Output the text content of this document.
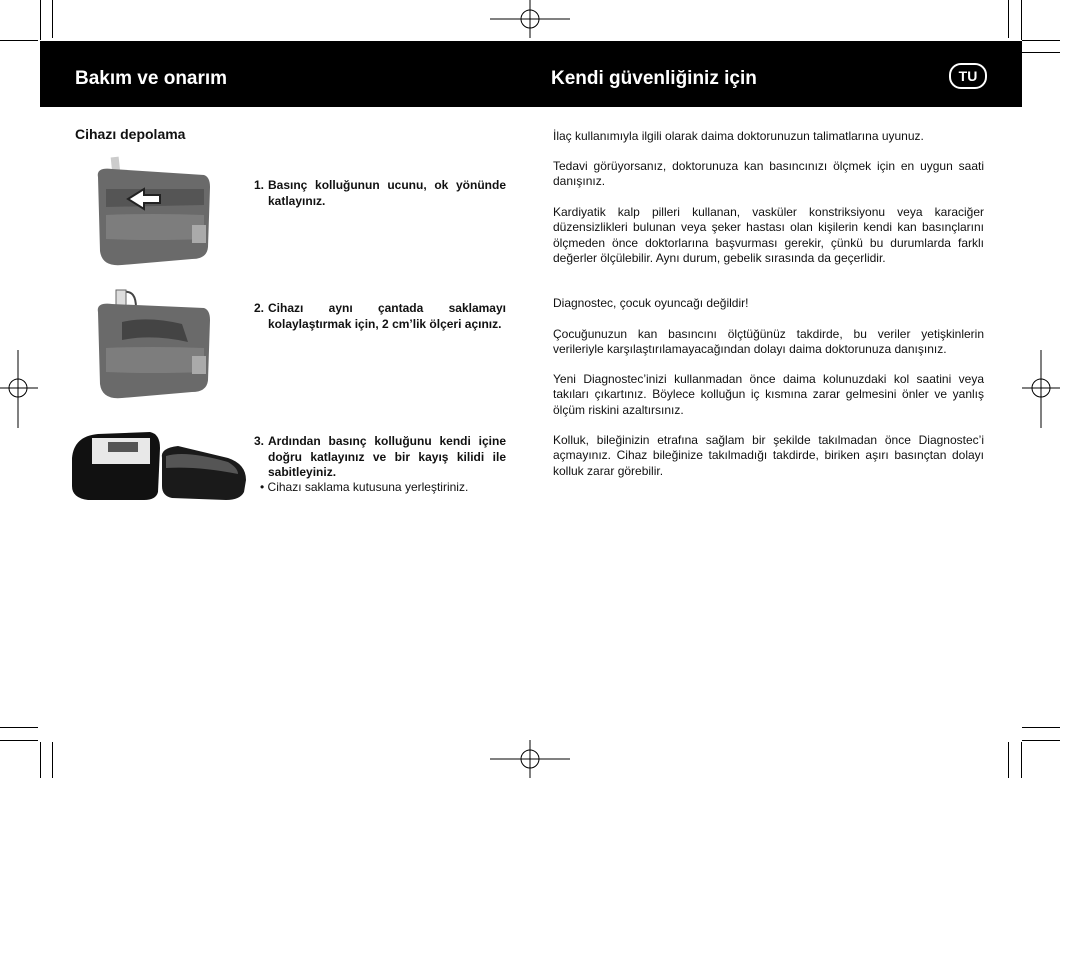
Bakım ve onarım	Kendi güvenliğiniz için	TU
Cihazı depolama
1. Basınç kolluğunun ucunu, ok yönünde katlayınız.
2. Cihazı aynı çantada saklamayı kolaylaştırmak için, 2 cm’lik ölçeri açınız.
3. Ardından basınç kolluğunu kendi içine doğru katlayınız ve bir kayış kilidi ile sabitleyiniz.
• Cihazı saklama kutusuna yerleştiriniz.
İlaç kullanımıyla ilgili olarak daima doktorunuzun talimatlarına uyunuz.
Tedavi görüyorsanız, doktorunuza kan basıncınızı ölçmek için en uygun saati danışınız.
Kardiyatik kalp pilleri kullanan, vasküler konstriksiyonu veya karaciğer düzensizlikleri bulunan veya şeker hastası olan kişilerin kendi kan basınçlarını ölçmeden önce doktorlarına başvurması gerekir, çünkü bu durumlarda farklı değerler ölçülebilir. Aynı durum, gebelik sırasında da geçerlidir.
Diagnostec, çocuk oyuncağı değildir!
Çocuğunuzun kan basıncını ölçtüğünüz takdirde, bu veriler yetişkinlerin verileriyle karşılaştırılamayacağından dolayı daima doktorunuza danışınız.
Yeni Diagnostec’inizi kullanmadan önce daima kolunuzdaki kol saatini veya takıları çıkartınız. Böylece kolluğun iç kısmına zarar gelmesini önler ve yanlış ölçüm riskini azaltırsınız.
Kolluk, bileğinizin etrafına sağlam bir şekilde takılmadan önce Diagnostec’i açmayınız. Cihaz bileğinize takılmadığı takdirde, biriken aşırı basınçtan dolayı kolluk zarar görebilir.
